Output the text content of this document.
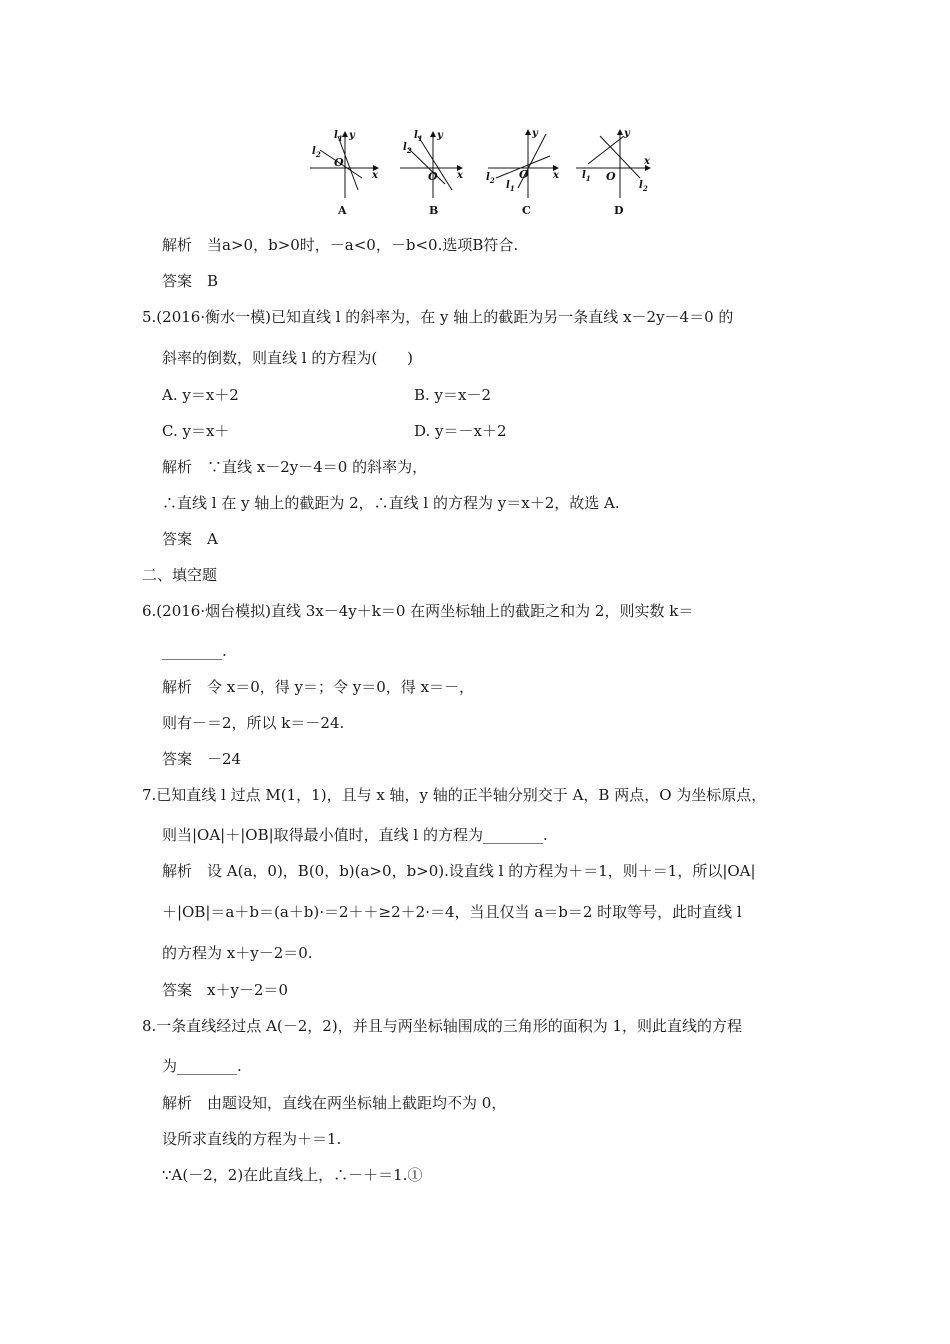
x
y
O
$l_1$
$l_2$
A
x
y
O
$l_1$
$l_2$
B
x
y
O
$l_1$
$l_2$
C
x
y
O
$l_1$
$l_2$
D
解析　 当a>0，b>0时，－a<0，－b<0.选项B符合.
答案　 B
5.(2016·衡水一模)已知直线 l 的斜率为，在 y 轴上的截距为另一条直线 x－2y－4＝0 的
斜率的倒数，则直线 l 的方程为(　　)
A. y＝x＋2	B. y＝x－2
C. y＝x＋	D. y＝－x＋2
解析　∵直线 x－2y－4＝0 的斜率为，
∴直线 l 在 y 轴上的截距为 2，∴直线 l 的方程为 y＝x＋2，故选 A.
答案　A
二、填空题
6.(2016·烟台模拟)直线 3x－4y＋k＝0 在两坐标轴上的截距之和为 2，则实数 k＝
________.
解析　令 x＝0，得 y＝；令 y＝0，得 x＝－，
则有－＝2，所以 k＝－24.
答案　－24
7.已知直线 l 过点 M(1，1)，且与 x 轴，y 轴的正半轴分别交于 A，B 两点，O 为坐标原点，
则当|OA|＋|OB|取得最小值时，直线 l 的方程为________.
解析　设 A(a，0)，B(0，b)(a>0，b>0).设直线 l 的方程为＋＝1，则＋＝1，所以|OA|
＋|OB|＝a＋b＝(a＋b)·＝2＋＋≥2＋2·＝4，当且仅当 a＝b＝2 时取等号，此时直线 l
的方程为 x＋y－2＝0.
答案　x＋y－2＝0
8.一条直线经过点 A(－2，2)，并且与两坐标轴围成的三角形的面积为 1，则此直线的方程
为________.
解析　由题设知，直线在两坐标轴上截距均不为 0，
设所求直线的方程为＋＝1.
∵A(－2，2)在此直线上，∴－＋＝1.①
